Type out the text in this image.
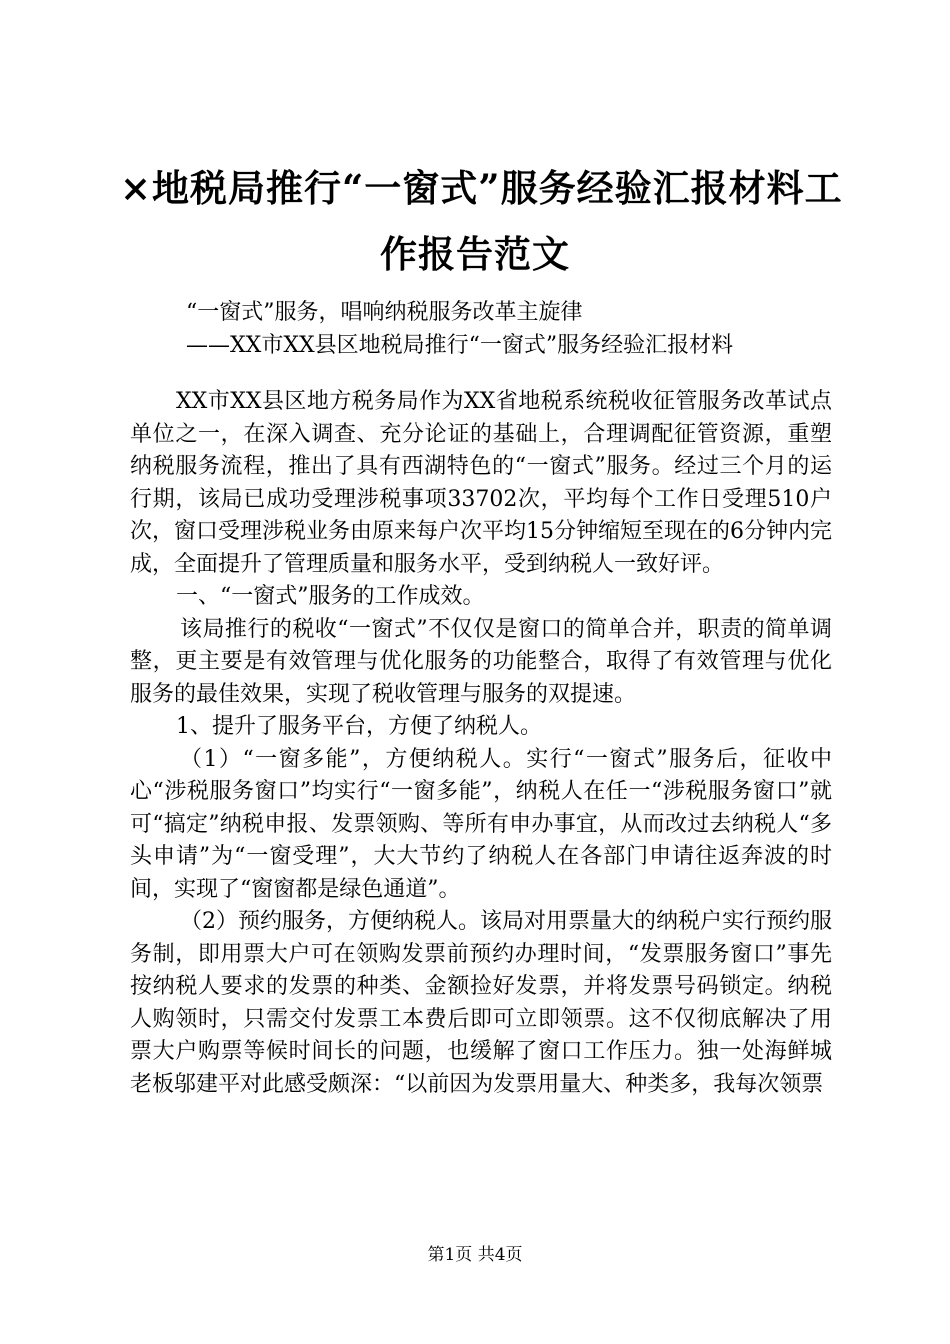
×地税局推行“一窗式”服务经验汇报材料工
作报告范文
“一窗式”服务，唱响纳税服务改革主旋律
——XX市XX县区地税局推行“一窗式”服务经验汇报材料

XX市XX县区地方税务局作为XX省地税系统税收征管服务改革试点单位之一，在深入调查、充分论证的基础上，合理调配征管资源，重塑纳税服务流程，推出了具有西湖特色的“一窗式”服务。经过三个月的运行期，该局已成功受理涉税事项33702次，平均每个工作日受理510户次，窗口受理涉税业务由原来每户次平均15分钟缩短至现在的6分钟内完成，全面提升了管理质量和服务水平，受到纳税人一致好评。

一、“一窗式”服务的工作成效。

该局推行的税收“一窗式”不仅仅是窗口的简单合并，职责的简单调整，更主要是有效管理与优化服务的功能整合，取得了有效管理与优化服务的最佳效果，实现了税收管理与服务的双提速。

1、提升了服务平台，方便了纳税人。

（1）“一窗多能”，方便纳税人。实行“一窗式”服务后，征收中心“涉税服务窗口”均实行“一窗多能”，纳税人在任一“涉税服务窗口”就可“搞定”纳税申报、发票领购、等所有申办事宜，从而改过去纳税人“多头申请”为“一窗受理”，大大节约了纳税人在各部门申请往返奔波的时间，实现了“窗窗都是绿色通道”。

（2）预约服务，方便纳税人。该局对用票量大的纳税户实行预约服务制，即用票大户可在领购发票前预约办理时间，“发票服务窗口”事先按纳税人要求的发票的种类、金额捡好发票，并将发票号码锁定。纳税人购领时，只需交付发票工本费后即可立即领票。这不仅彻底解决了用票大户购票等候时间长的问题，也缓解了窗口工作压力。独一处海鲜城老板邬建平对此感受颇深：“以前因为发票用量大、种类多，我每次领票

第1页 共4页
